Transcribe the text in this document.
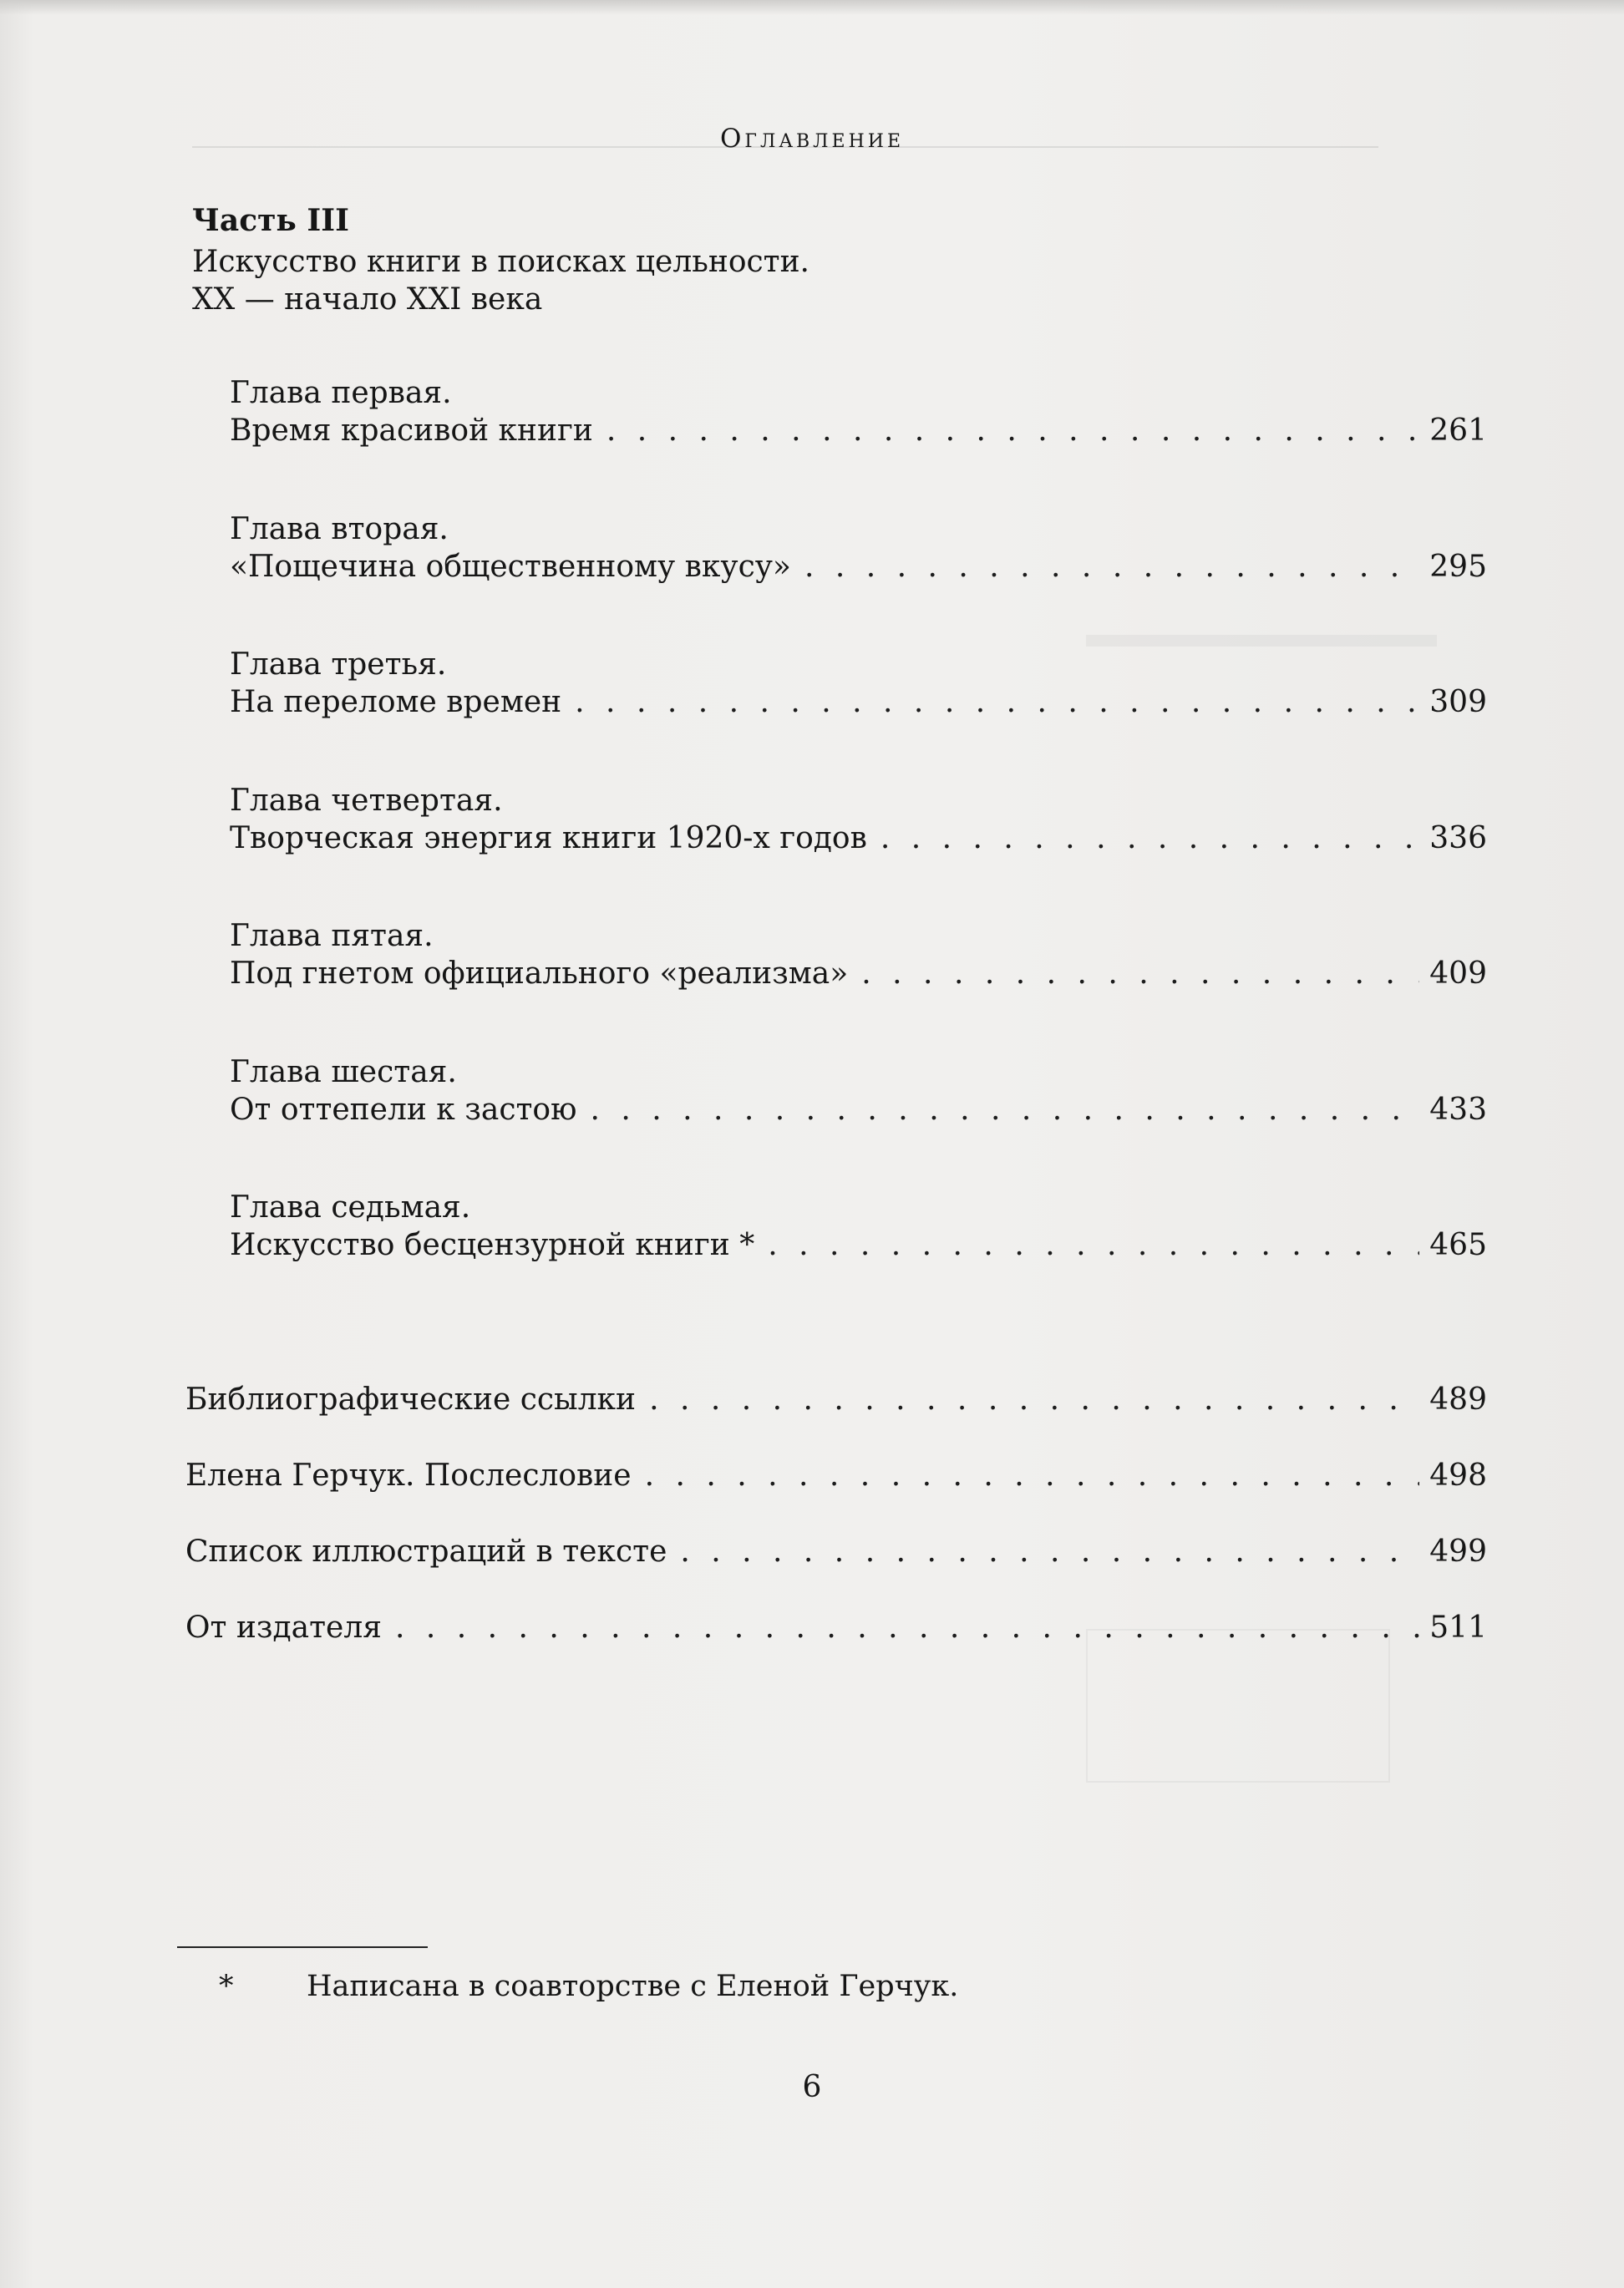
Оглавление
Часть III
Искусство книги в поисках цельности.
XX — начало XXI века
Глава первая.
Время красивой книги . . .	261
Глава вторая.
«Пощечина общественному вкусу» . . .	295
Глава третья.
На переломе времен . . .	309
Глава четвертая.
Творческая энергия книги 1920-х годов . . .	336
Глава пятая.
Под гнетом официального «реализма» . . .	409
Глава шестая.
От оттепели к застою . . .	433
Глава седьмая.
Искусство бесцензурной книги * . . .	465
Библиографические ссылки . . .	489
Елена Герчук. Послесловие . . .	498
Список иллюстраций в тексте . . .	499
От издателя . . .	511
*	Написана в соавторстве с Еленой Герчук.
6
